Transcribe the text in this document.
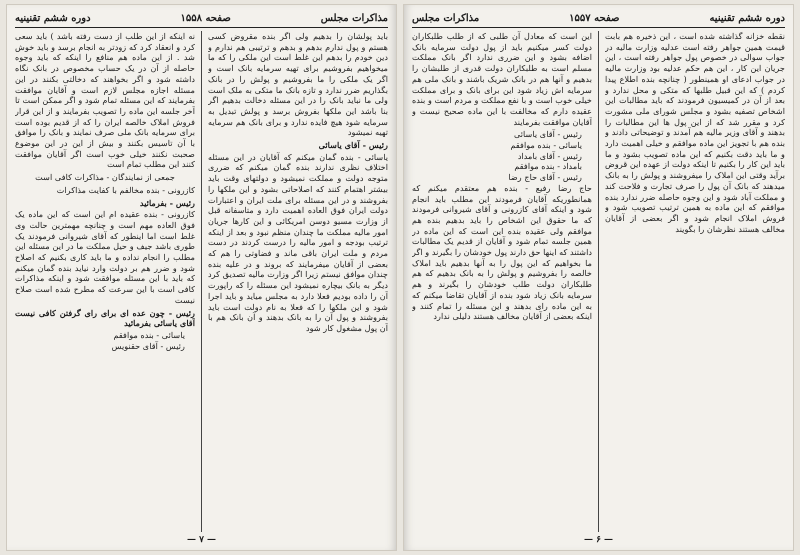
دوره ششم تقنینیه	صفحه ۱۵۵۸	مذاكرات مجلس

باید پولشان را بدهیم ولی اگر بنده مقروض کسی هستم و پول ندارم بدهم و بدهم و ترتیبی هم ندارم و دین خودم را بدهم این غلط است این ملکی را که ما میخواهیم بفروشیم برای تهیه سرمایه بانک است و اگر یک ملکی را ما بفروشیم و پولش را در بانک بگذاریم ضرر ندارد و تازه بانک ما متکی به ملک است ولی ما نباید بانک را در این مسئله دخالت بدهیم اگر بنا باشد این ملکها بفروش برسد و پولش تبدیل به سرمایه شود هیچ فایده ندارد و برای بانک هم سرمایه تهیه نمیشود

رئیس - آقای یاسائی

یاسائی - بنده گمان میکنم که آقایان در این مسئله اختلاف نظری ندارند بنده گمان میکنم که ضرری متوجه دولت و مملکت نمیشود و دولتهای وقت باید بیشتر اهتمام کنند که اصلاحاتی بشود و این ملکها را بفروشند و در این مسئله برای ملت ایران و اعتبارات دولت ایران فوق العاده اهمیت دارد و متاسفانه قبل از وزارت مسیو دوسن امریکائی و این کارها جریان امور مالیه مملکت ما چندان منظم نبود و بعد از اینکه ترتیب بودجه و امور مالیه را درست کردند در دست مردم و ملت ایران باقی ماند و فضاوتی را هم که بعضی از آقایان میفرمایند که بروند و در علیه بنده چندان موافق نیستم زیرا اگر وزارت مالیه تصدیق کرد دیگر به بانک بیچاره نمیشود این مسئله را که راپورت آن را داده بودیم فعلا دارد به مجلس میاید و باید اجرا شود و این ملکها را که فعلا به نام دولت است باید بفروشند و پول آن را به بانک بدهند و آن بانک هم با آن پول مشغول کار شود

نه اینکه از این طلب از دست رفته باشد ) باید سعی کرد و انعقاد کرد که زودتر به انجام برسد و باید خوش شد . از این ماده هم منافع را اینکه که باید وجوه حاصله از آن در یک حساب مخصوص در بانک نگاه داشته شود و اگر بخواهند که دخالتی بکنند در این مسئله اجازه مجلس لازم است و آقایان موافقت بفرمایند که این مسئله تمام شود و اگر ممکن است تا آخر جلسه این ماده را تصویب بفرمایند و از این قرار فروش املاک خالصه ایران را که از قدیم بوده است برای سرمایه بانک ملی صرف نمایند و بانک را موافق با آن تاسیس بکنند و بیش از این در این موضوع صحبت نکنند خیلی خوب است اگر آقایان موافقت کنند این مطلب تمام است

جمعی از نمایندگان - مذاکرات کافی است

کازرونی - بنده مخالفم با کفایت مذاکرات

رئیس - بفرمائید

کازرونی - بنده عقیده ام این است که این ماده یک فوق العاده مهم است و چنانچه مهمترین حالت وی غلط است اما اینطور که آقای شیروانی فرمودند یک طوری باشد جیف و حیل مملکت ما در این مسئله این مطلب را انجام نداده و ما باید کاری بکنیم که اصلاح شود و ضرر هم بر دولت وارد نیاید بنده گمان میکنم که باید با این مسئله موافقت شود و اینکه مذاکرات کافی است با این سرعت که مطرح شده است صلاح نیست

رئیس - چون عده ای برای رای گرفتن کافی نیست آقای یاسائی بفرمائید

یاسائی - بنده موافقم

رئیس - آقای حقنویس

— ۷ —
مذاکرات مجلس	صفحه ۱۵۵۷	دوره ششم تقنینیه

نقطه خزانه گذاشته شده است ، این ذخیره هم بابت قیمت همین جواهر رفته است عدلیه وزارت مالیه در جواب سوالی در خصوص پول جواهر رفته است ، این جریان این کار ، این هم حکم عدلیه بود وزارت مالیه در جواب ادعای او همینطور ( چنانچه بنده اطلاع پیدا کردم ) که این قبیل طلبها که متکی و محل ندارد و بعد از آن در کمیسیون فرمودند که باید مطالبات این اشخاص تصفیه بشود و مجلس شورای ملی مشورت کرد و مقرر شد که از این پول ها این مطالبات را بدهند و آقای وزیر مالیه هم آمدند و توضیحاتی دادند و بنده هم با تجویز این ماده موافقم و خیلی اهمیت دارد و ما باید دقت بکنیم که این ماده تصویب بشود و ما باید این کار را بکنیم تا اینکه دولت از عهده این قروض برآید وقتی این املاک را میفروشند و پولش را به بانک میدهند که بانک آن پول را صرف تجارت و فلاحت کند و مملکت آباد شود و این وجوه حاصله ضرر ندارد بنده موافقم که این ماده به همین ترتیب تصویب شود و فروش املاک انجام شود و اگر بعضی از آقایان مخالف هستند نظرشان را بگویند

این است که معادل آن طلبی که از طلب طلبکاران دولت کسر میکنیم باید از پول دولت سرمایه بانک اضافه بشود و این ضرری ندارد اگر بانک مملکت مسلم است به طلبکاران دولت قدری از طلبشان را بدهیم و آنها هم در بانک شریک باشند و بانک ملی هم سرمایه اش زیاد شود این برای بانک و برای مملکت خیلی خوب است و با نفع مملکت و مردم است و بنده عقیده دارم که مخالفت با این ماده صحیح نیست و آقایان موافقت بفرمایند

رئیس - آقای یاسائی

یاسائی - بنده موافقم

رئیس - آقای بامداد

بامداد - بنده موافقم

رئیس - آقای حاج رضا

حاج رضا رفیع - بنده هم معتقدم میکنم که همانطوریکه آقایان فرمودند این مطلب باید انجام شود و اینکه آقای کازرونی و آقای شیروانی فرمودند که ما حقوق این اشخاص را باید بدهیم بنده هم موافقم ولی عقیده بنده این است که این ماده در همین جلسه تمام شود و آقایان از قدیم یک مطالبات داشتند که اینها حق دارند پول خودشان را بگیرند و اگر ما بخواهیم که این پول را به آنها بدهیم باید املاک خالصه را بفروشیم و پولش را به بانک بدهیم که هم طلبکاران دولت طلب خودشان را بگیرند و هم سرمایه بانک زیاد شود بنده از آقایان تقاضا میکنم که به این ماده رای بدهند و این مسئله را تمام کنند و اینکه بعضی از آقایان مخالف هستند دلیلی ندارد

— ۶ —
